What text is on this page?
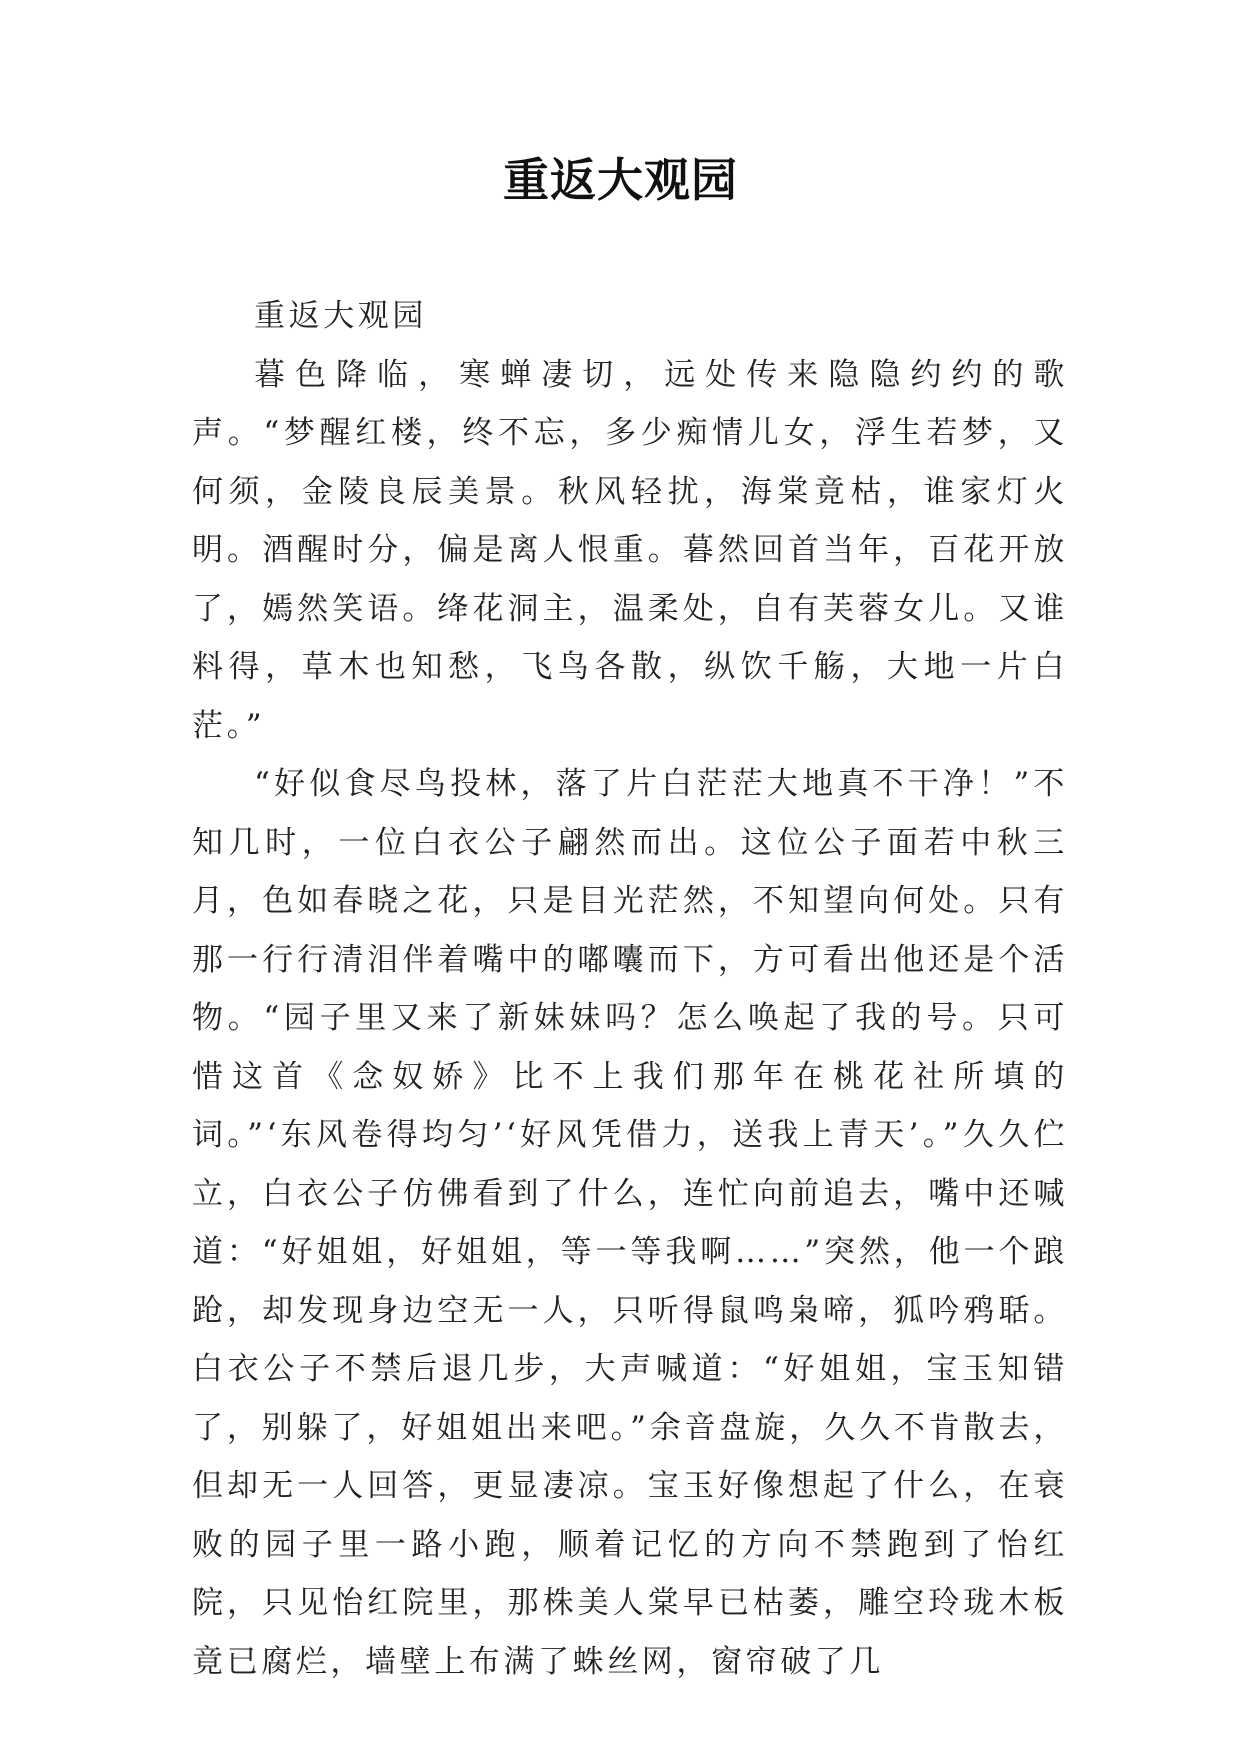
重返大观园

重返大观园

暮色降临，寒蝉凄切，远处传来隐隐约约的歌声。“梦醒红楼，终不忘，多少痴情儿女，浮生若梦，又何须，金陵良辰美景。秋风轻扰，海棠竟枯，谁家灯火明。酒醒时分，偏是离人恨重。暮然回首当年，百花开放了，嫣然笑语。绛花洞主，温柔处，自有芙蓉女儿。又谁料得，草木也知愁，飞鸟各散，纵饮千觞，大地一片白茫。”

“好似食尽鸟投林，落了片白茫茫大地真不干净！”不知几时，一位白衣公子翩然而出。这位公子面若中秋三月，色如春晓之花，只是目光茫然，不知望向何处。只有那一行行清泪伴着嘴中的嘟囔而下，方可看出他还是个活物。“园子里又来了新妹妹吗？怎么唤起了我的号。只可惜这首《念奴娇》比不上我们那年在桃花社所填的词。”‘东风卷得均匀’‘好风凭借力，送我上青天’。”久久伫立，白衣公子仿佛看到了什么，连忙向前追去，嘴中还喊道：“好姐姐，好姐姐，等一等我啊……”突然，他一个踉跄，却发现身边空无一人，只听得鼠鸣枭啼，狐吟鸦聒。白衣公子不禁后退几步，大声喊道：“好姐姐，宝玉知错了，别躲了，好姐姐出来吧。”余音盘旋，久久不肯散去，但却无一人回答，更显凄凉。宝玉好像想起了什么，在衰败的园子里一路小跑，顺着记忆的方向不禁跑到了怡红院，只见怡红院里，那株美人棠早已枯萎，雕空玲珑木板竟已腐烂，墙壁上布满了蛛丝网，窗帘破了几
